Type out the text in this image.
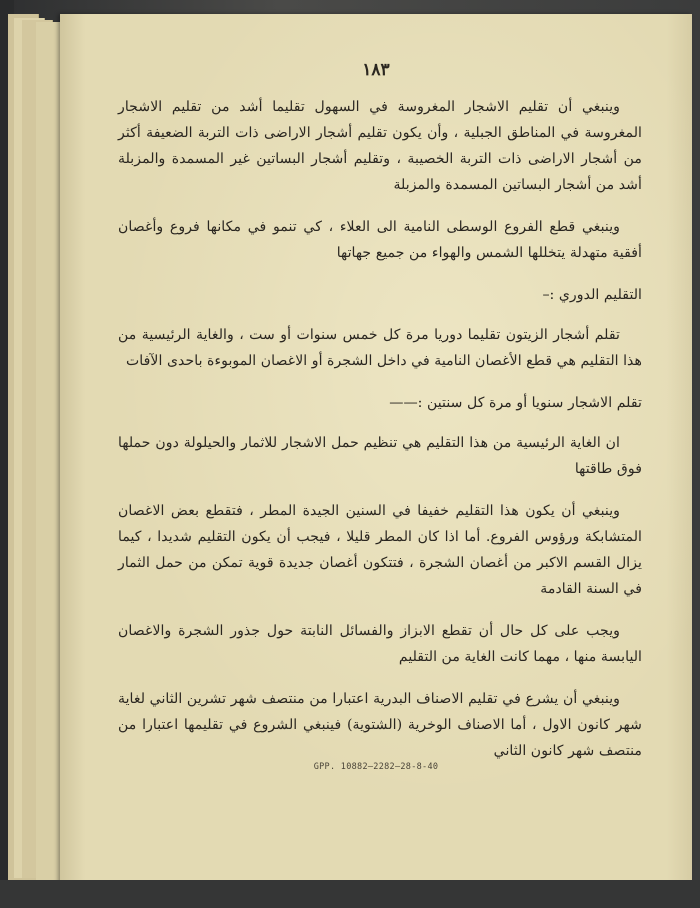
١٨٣

وينبغي أن تقليم الاشجار المغروسة في السهول تقليما أشد من تقليم الاشجار المغروسة في المناطق الجبلية ، وأن يكون تقليم أشجار الاراضى ذات التربة الضعيفة أكثر من أشجار الاراضى ذات التربة الخصيبة ، وتقليم أشجار البساتين غير المسمدة والمزبلة أشد من أشجار البساتين المسمدة والمزبلة

وينبغي قطع الفروع الوسطى النامية الى العلاء ، كي تنمو في مكانها فروع وأغصان أفقية متهدلة يتخللها الشمس والهواء من جميع جهاتها

التقليم الدوري :–

تقلم أشجار الزيتون تقليما دوريا مرة كل خمس سنوات أو ست ، والغاية الرئيسية من هذا التقليم هي قطع الأغصان النامية في داخل الشجرة أو الاغصان الموبوءة باحدى الآفات

تقلم الاشجار سنويا أو مرة كل سنتين :——

ان الغاية الرئيسية من هذا التقليم هي تنظيم حمل الاشجار للاثمار والحيلولة دون حملها فوق طاقتها

وينبغي أن يكون هذا التقليم خفيفا في السنين الجيدة المطر ، فتقطع بعض الاغصان المتشابكة ورؤوس الفروع. أما اذا كان المطر قليلا ، فيجب أن يكون التقليم شديدا ، كيما يزال القسم الاكبر من أغصان الشجرة ، فتتكون أغصان جديدة قوية تمكن من حمل الثمار في السنة القادمة

ويجب على كل حال أن تقطع الابزاز والفسائل النابتة حول جذور الشجرة والاغصان اليابسة منها ، مهما كانت الغاية من التقليم

وينبغي أن يشرع في تقليم الاصناف البدرية اعتبارا من منتصف شهر تشرين الثاني لغاية شهر كانون الاول ، أما الاصناف الوخرية (الشتوية) فينبغي الشروع في تقليمها اعتبارا من منتصف شهر كانون الثاني

GPP. 10882—2282—28-8-40
